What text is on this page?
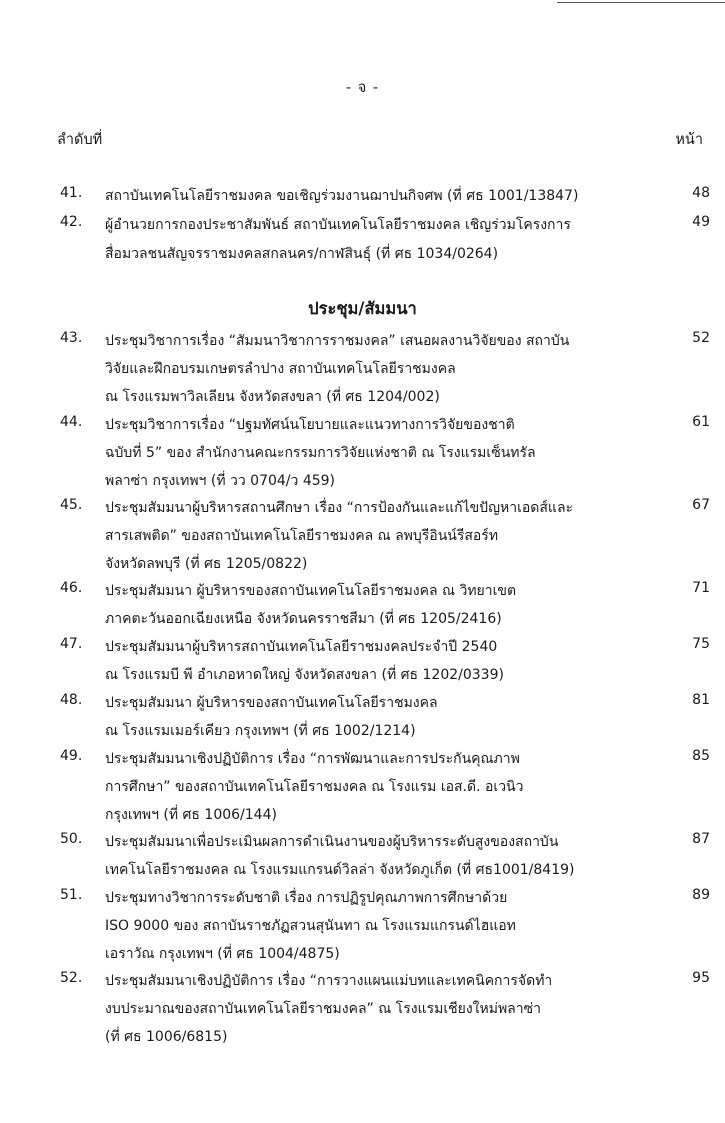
- จ -
ลำดับที่	หน้า
ประชุม/สัมมนา
41. สถาบันเทคโนโลยีราชมงคล ขอเชิญร่วมงานฌาปนกิจศพ (ที่ ศธ 1001/13847)	48
42. ผู้อำนวยการกองประชาสัมพันธ์ สถาบันเทคโนโลยีราชมงคล เชิญร่วมโครงการ
สื่อมวลชนสัญจรราชมงคลสกลนคร/กาฬสินธุ์ (ที่ ศธ 1034/0264)
49
43. ประชุมวิชาการเรื่อง “สัมมนาวิชาการราชมงคล” เสนอผลงานวิจัยของ สถาบัน
วิจัยและฝึกอบรมเกษตรลำปาง สถาบันเทคโนโลยีราชมงคล
ณ โรงแรมพาวิลเลียน จังหวัดสงขลา (ที่ ศธ 1204/002)
52
44. ประชุมวิชาการเรื่อง “ปฐมทัศน์นโยบายและแนวทางการวิจัยของชาติ
ฉบับที่ 5” ของ สำนักงานคณะกรรมการวิจัยแห่งชาติ ณ โรงแรมเซ็นทรัล
พลาซ่า กรุงเทพฯ (ที่ วว 0704/ว 459)
61
45. ประชุมสัมมนาผู้บริหารสถานศึกษา เรื่อง “การป้องกันและแก้ไขปัญหาเอดส์และ
สารเสพติด” ของสถาบันเทคโนโลยีราชมงคล ณ ลพบุรีอินน์รีสอร์ท
จังหวัดลพบุรี (ที่ ศธ 1205/0822)
67
46. ประชุมสัมมนา ผู้บริหารของสถาบันเทคโนโลยีราชมงคล ณ วิทยาเขต
ภาคตะวันออกเฉียงเหนือ จังหวัดนครราชสีมา (ที่ ศธ 1205/2416)
71
47. ประชุมสัมมนาผู้บริหารสถาบันเทคโนโลยีราชมงคลประจำปี 2540
ณ โรงแรมบี พี อำเภอหาดใหญ่ จังหวัดสงขลา (ที่ ศธ 1202/0339)
75
48. ประชุมสัมมนา ผู้บริหารของสถาบันเทคโนโลยีราชมงคล
ณ โรงแรมเมอร์เคียว กรุงเทพฯ (ที่ ศธ 1002/1214)
81
49. ประชุมสัมมนาเชิงปฏิบัติการ เรื่อง “การพัฒนาและการประกันคุณภาพ
การศึกษา” ของสถาบันเทคโนโลยีราชมงคล ณ โรงแรม เอส.ดี. อเวนิว
กรุงเทพฯ (ที่ ศธ 1006/144)
85
50. ประชุมสัมมนาเพื่อประเมินผลการดำเนินงานของผู้บริหารระดับสูงของสถาบัน
เทคโนโลยีราชมงคล ณ โรงแรมแกรนด์วิลล่า จังหวัดภูเก็ต (ที่ ศธ1001/8419)
87
51. ประชุมทางวิชาการระดับชาติ เรื่อง การปฏิรูปคุณภาพการศึกษาด้วย
ISO 9000 ของ สถาบันราชภัฏสวนสุนันทา ณ โรงแรมแกรนด์ไฮแอท
เอราวัณ กรุงเทพฯ (ที่ ศธ 1004/4875)
89
52. ประชุมสัมมนาเชิงปฏิบัติการ เรื่อง “การวางแผนแม่บทและเทคนิคการจัดทำ
งบประมาณของสถาบันเทคโนโลยีราชมงคล” ณ โรงแรมเชียงใหม่พลาซ่า
(ที่ ศธ 1006/6815)
95
